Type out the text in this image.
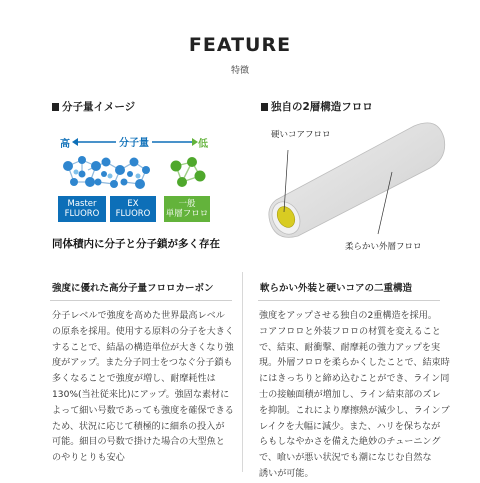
FEATURE
特徴
分子量イメージ
高	分子量	低
Master
FLUORO
EX
FLUORO
一般
単層フロロ
同体積内に分子と分子鎖が多く存在
独自の2層構造フロロ
硬いコアフロロ
柔らかい外層フロロ
強度に優れた高分子量フロロカーボン	軟らかい外装と硬いコアの二重構造
分子レベルで強度を高めた世界最高レベル
の原糸を採用。使用する原料の分子を大きく
することで、結晶の構造単位が大きくなり強
度がアップ。また分子同士をつなぐ分子鎖も
多くなることで強度が増し、耐摩耗性は
130%(当社従来比)にアップ。強固な素材に
よって細い号数であっても強度を確保できる
ため、状況に応じて積極的に細糸の投入が
可能。細目の号数で掛けた場合の大型魚と
のやりとりも安心
強度をアップさせる独自の2重構造を採用。
コアフロロと外装フロロの材質を変えること
で、結束、耐衝撃、耐摩耗の強力アップを実
現。外層フロロを柔らかくしたことで、結束時
にはきっちりと締め込むことができ、ライン同
士の接触面積が増加し、ライン結束部のズレ
を抑制。これにより摩擦熱が減少し、ラインブ
レイクを大幅に減少。また、ハリを保ちなが
らもしなやかさを備えた絶妙のチューニング
で、喰いが悪い状況でも潮になじむ自然な
誘いが可能。
